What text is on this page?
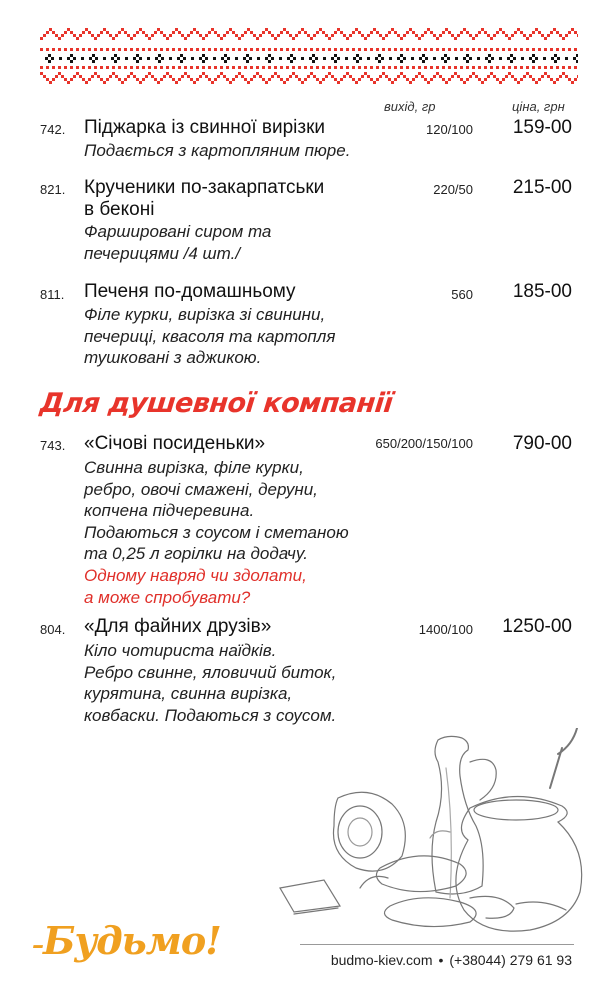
вихід, гр	ціна, грн
742. Піджарка із свинної вирізки	120/100 159-00
Подається з картопляним пюре.
821. Крученики по-закарпатськи
в беконі
220/50 215-00
Фаршировані сиром та
печерицями /4 шт./
811. Печеня по-домашньому	560 185-00
Філе курки, вирізка зі свинини,
печериці, квасоля та картопля
тушковані з аджикою.
Для душевної компанії
743. «Січові посиденьки»	650/200/150/100 790-00
Свинна вирізка, філе курки,
ребро, овочі смажені, деруни,
копчена підчеревина.
Подаються з соусом і сметаною
та 0,25 л горілки на додачу.
Одному навряд чи здолати,
а може спробувати?
804. «Для файних друзів»	1400/100 1250-00
Кіло чотириста наїдків.
Ребро свинне, яловичий биток,
курятина, свинна вирізка,
ковбаски. Подаються з соусом.
–Будьмо!	budmo-kiev.com • (+38044) 279 61 93
